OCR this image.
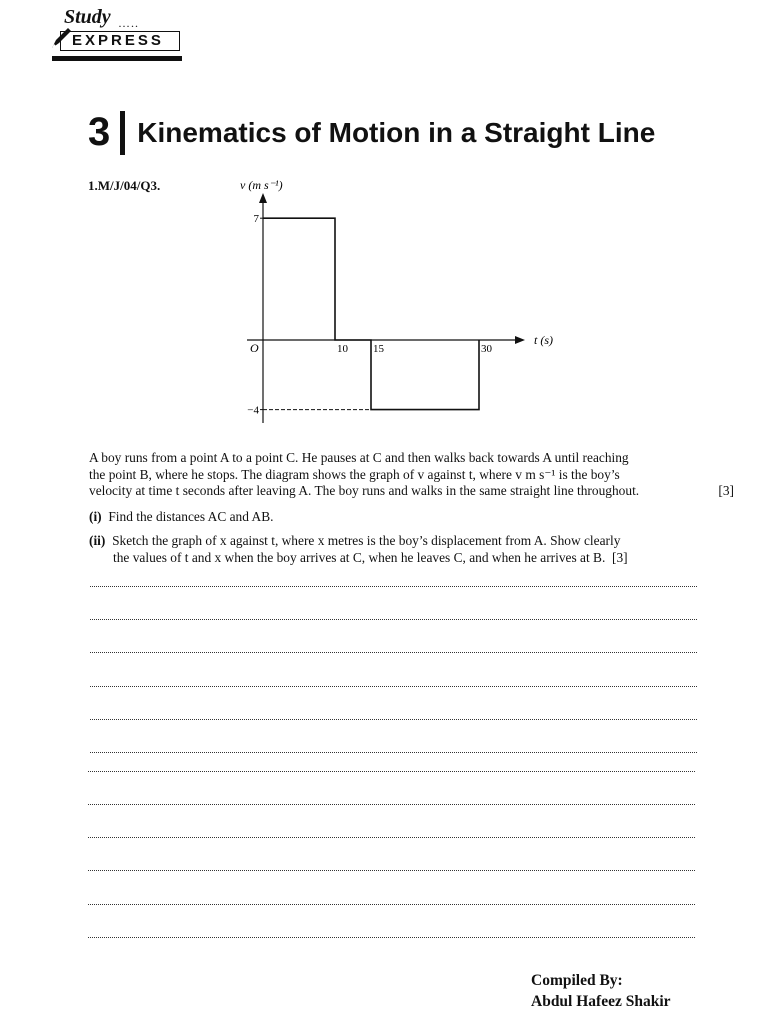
Study …..
EXPRESS
3 Kinematics of Motion in a Straight Line
1.M/J/04/Q3.	v (m s⁻¹)
t (s)
O	10 15	30
7
−4
A boy runs from a point A to a point C. He pauses at C and then walks back towards A until reaching
the point B, where he stops. The diagram shows the graph of v against t, where v m s⁻¹ is the boy’s
velocity at time t seconds after leaving A. The boy runs and walks in the same straight line throughout.	[3]
(i) Find the distances AC and AB.
(ii) Sketch the graph of x against t, where x metres is the boy’s displacement from A. Show clearly
the values of t and x when the boy arrives at C, when he leaves C, and when he arrives at B. [3]
Compiled By:
Abdul Hafeez Shakir
